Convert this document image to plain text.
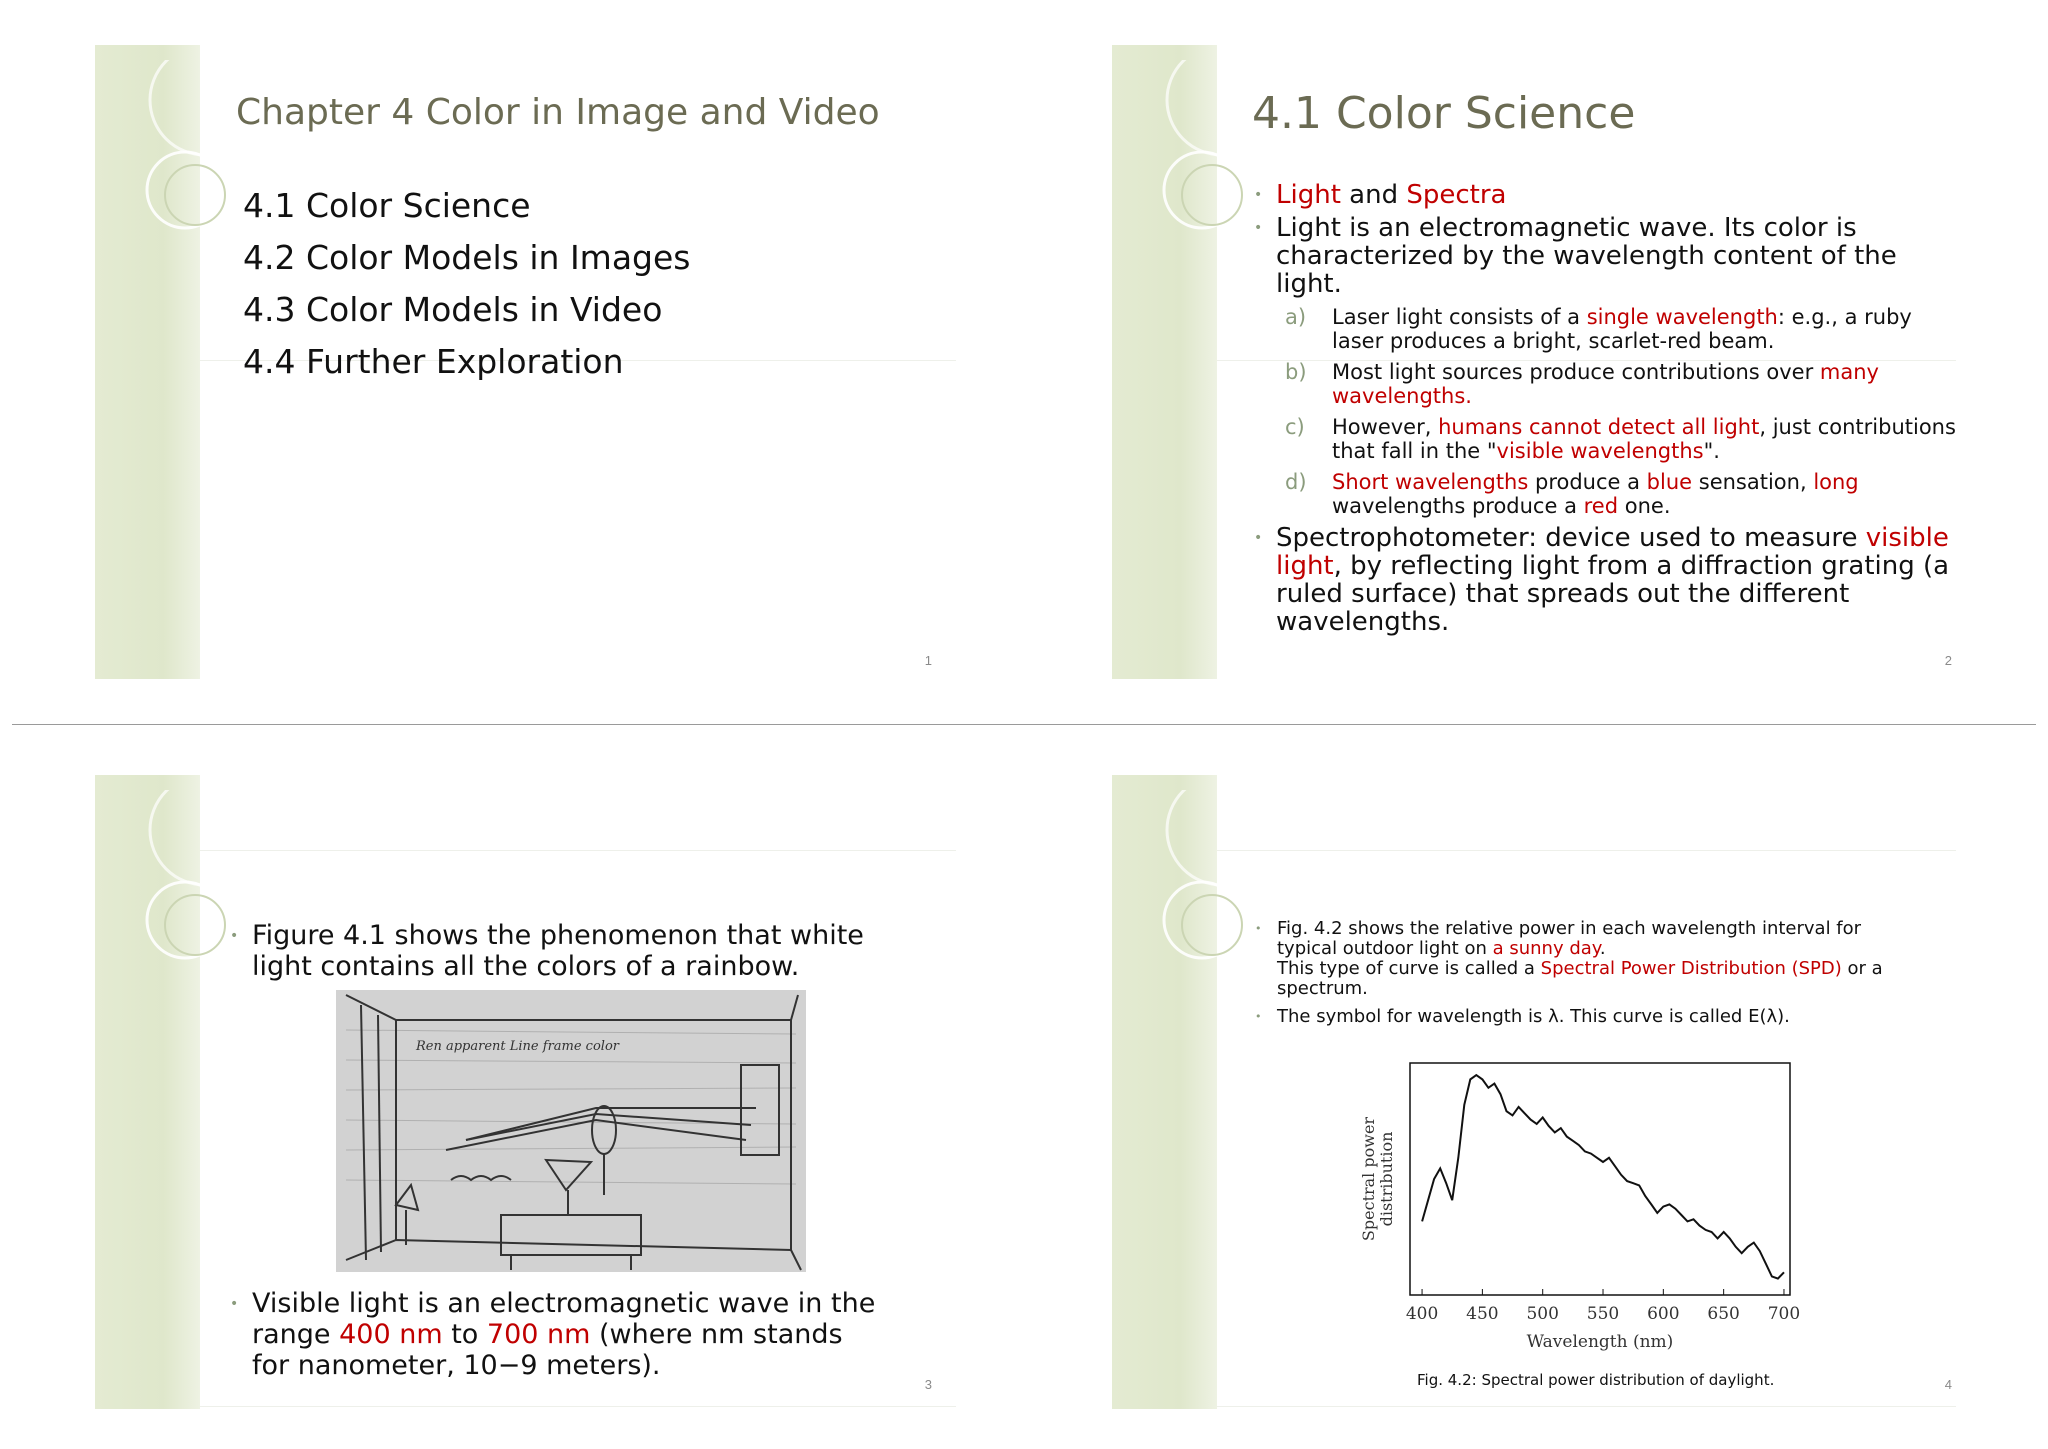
Chapter 4 Color in Image and Video
4.1 Color Science
4.2 Color Models in Images
4.3 Color Models in Video
4.4 Further Exploration
1
4.1 Color Science
• Light and Spectra
• Light is an electromagnetic wave. Its color is characterized by the wavelength content of the light.
a) Laser light consists of a single wavelength: e.g., a ruby laser produces a bright, scarlet-red beam.
b) Most light sources produce contributions over many wavelengths.
c) However, humans cannot detect all light, just contributions that fall in the "visible wavelengths".
d) Short wavelengths produce a blue sensation, long wavelengths produce a red one.
• Spectrophotometer: device used to measure visible light, by reflecting light from a diffraction grating (a ruled surface) that spreads out the different wavelengths.
2
• Figure 4.1 shows the phenomenon that white light contains all the colors of a rainbow.
• Visible light is an electromagnetic wave in the range 400 nm to 700 nm (where nm stands for nanometer, 10−9 meters).
3
Ren apparent Line frame color
• Fig. 4.2 shows the relative power in each wavelength interval for typical outdoor light on a sunny day.
This type of curve is called a Spectral Power Distribution (SPD) or a spectrum.
• The symbol for wavelength is λ. This curve is called E(λ).
Fig. 4.2: Spectral power distribution of daylight.	4
400 450 500 550 600 650 700
Wavelength (nm)
Spectral powerdistribution
